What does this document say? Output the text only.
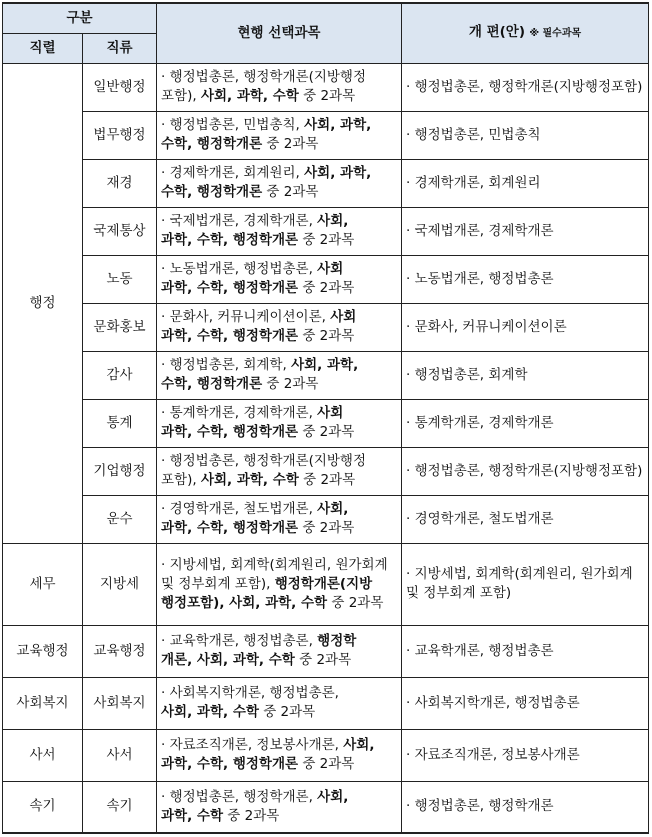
구분		현행 선택과목	개 편(안) ※ 필수과목
직렬	직류		
행정	일반행정	· 행정법총론, 행정학개론(지방행정
포함), 사회, 과학, 수학 중 2과목	· 행정법총론, 행정학개론(지방행정포함)
	법무행정	· 행정법총론, 민법총칙, 사회, 과학,
수학, 행정학개론 중 2과목	· 행정법총론, 민법총칙
	재경	· 경제학개론, 회계원리, 사회, 과학,
수학, 행정학개론 중 2과목	· 경제학개론, 회계원리
	국제통상	· 국제법개론, 경제학개론, 사회,
과학, 수학, 행정학개론 중 2과목	· 국제법개론, 경제학개론
	노동	· 노동법개론, 행정법총론, 사회
과학, 수학, 행정학개론 중 2과목	· 노동법개론, 행정법총론
	문화홍보	· 문화사, 커뮤니케이션이론, 사회
과학, 수학, 행정학개론 중 2과목	· 문화사, 커뮤니케이션이론
	감사	· 행정법총론, 회계학, 사회, 과학,
수학, 행정학개론 중 2과목	· 행정법총론, 회계학
	통계	· 통계학개론, 경제학개론, 사회
과학, 수학, 행정학개론 중 2과목	· 통계학개론, 경제학개론
	기업행정	· 행정법총론, 행정학개론(지방행정
포함), 사회, 과학, 수학 중 2과목	· 행정법총론, 행정학개론(지방행정포함)
	운수	· 경영학개론, 철도법개론, 사회,
과학, 수학, 행정학개론 중 2과목	· 경영학개론, 철도법개론
세무	지방세	· 지방세법, 회계학(회계원리, 원가회계
및 정부회계 포함), 행정학개론(지방
행정포함), 사회, 과학, 수학 중 2과목	· 지방세법, 회계학(회계원리, 원가회계 및 정부회계 포함)
교육행정	교육행정	· 교육학개론, 행정법총론, 행정학
개론, 사회, 과학, 수학 중 2과목	· 교육학개론, 행정법총론
사회복지	사회복지	· 사회복지학개론, 행정법총론,
사회, 과학, 수학 중 2과목	· 사회복지학개론, 행정법총론
사서	사서	· 자료조직개론, 정보봉사개론, 사회,
과학, 수학, 행정학개론 중 2과목	· 자료조직개론, 정보봉사개론
속기	속기	· 행정법총론, 행정학개론, 사회,
과학, 수학 중 2과목	· 행정법총론, 행정학개론
